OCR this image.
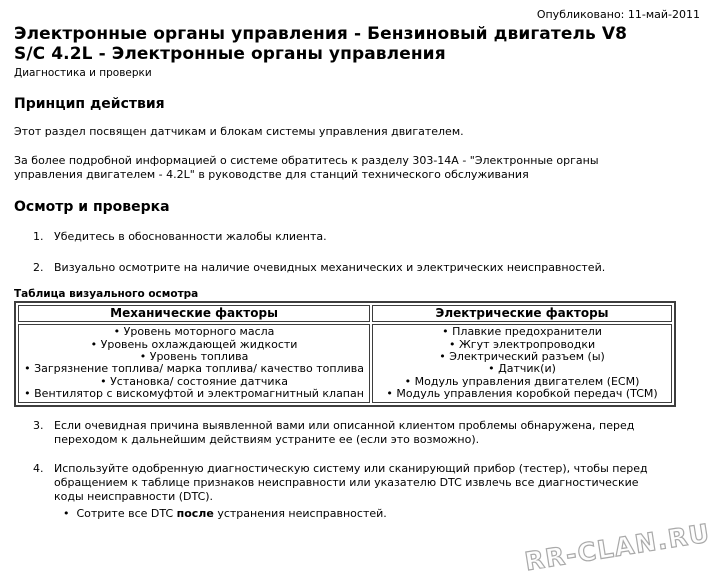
Опубликовано: 11-май-2011
Электронные органы управления - Бензиновый двигатель V8 S/C 4.2L - Электронные органы управления
Диагностика и проверки
Принцип действия

Этот раздел посвящен датчикам и блокам системы управления двигателем.

За более подробной информацией о системе обратитесь к разделу 303-14A - "Электронные органы управления двигателем - 4.2L" в руководстве для станций технического обслуживания

Осмотр и проверка
1. Убедитесь в обоснованности жалобы клиента.
2. Визуально осмотрите на наличие очевидных механических и электрических неисправностей.
Таблица визуального осмотра
Механические факторы	Электрические факторы

• Уровень моторного масла
• Уровень охлаждающей жидкости
• Уровень топлива
• Загрязнение топлива/ марка топлива/ качество топлива
• Установка/ состояние датчика
• Вентилятор с вискомуфтой и электромагнитный клапан

• Плавкие предохранители
• Жгут электропроводки
• Электрический разъем (ы)
• Датчик(и)
• Модуль управления двигателем (ECM)
• Модуль управления коробкой передач (TCM)
3. Если очевидная причина выявленной вами или описанной клиентом проблемы обнаружена, перед переходом к дальнейшим действиям устраните ее (если это возможно).
4. Используйте одобренную диагностическую систему или сканирующий прибор (тестер), чтобы перед обращением к таблице признаков неисправности или указателю DTC извлечь все диагностические коды неисправности (DTC).
•  Сотрите все DTC после устранения неисправностей.
RR-CLAN.RU
